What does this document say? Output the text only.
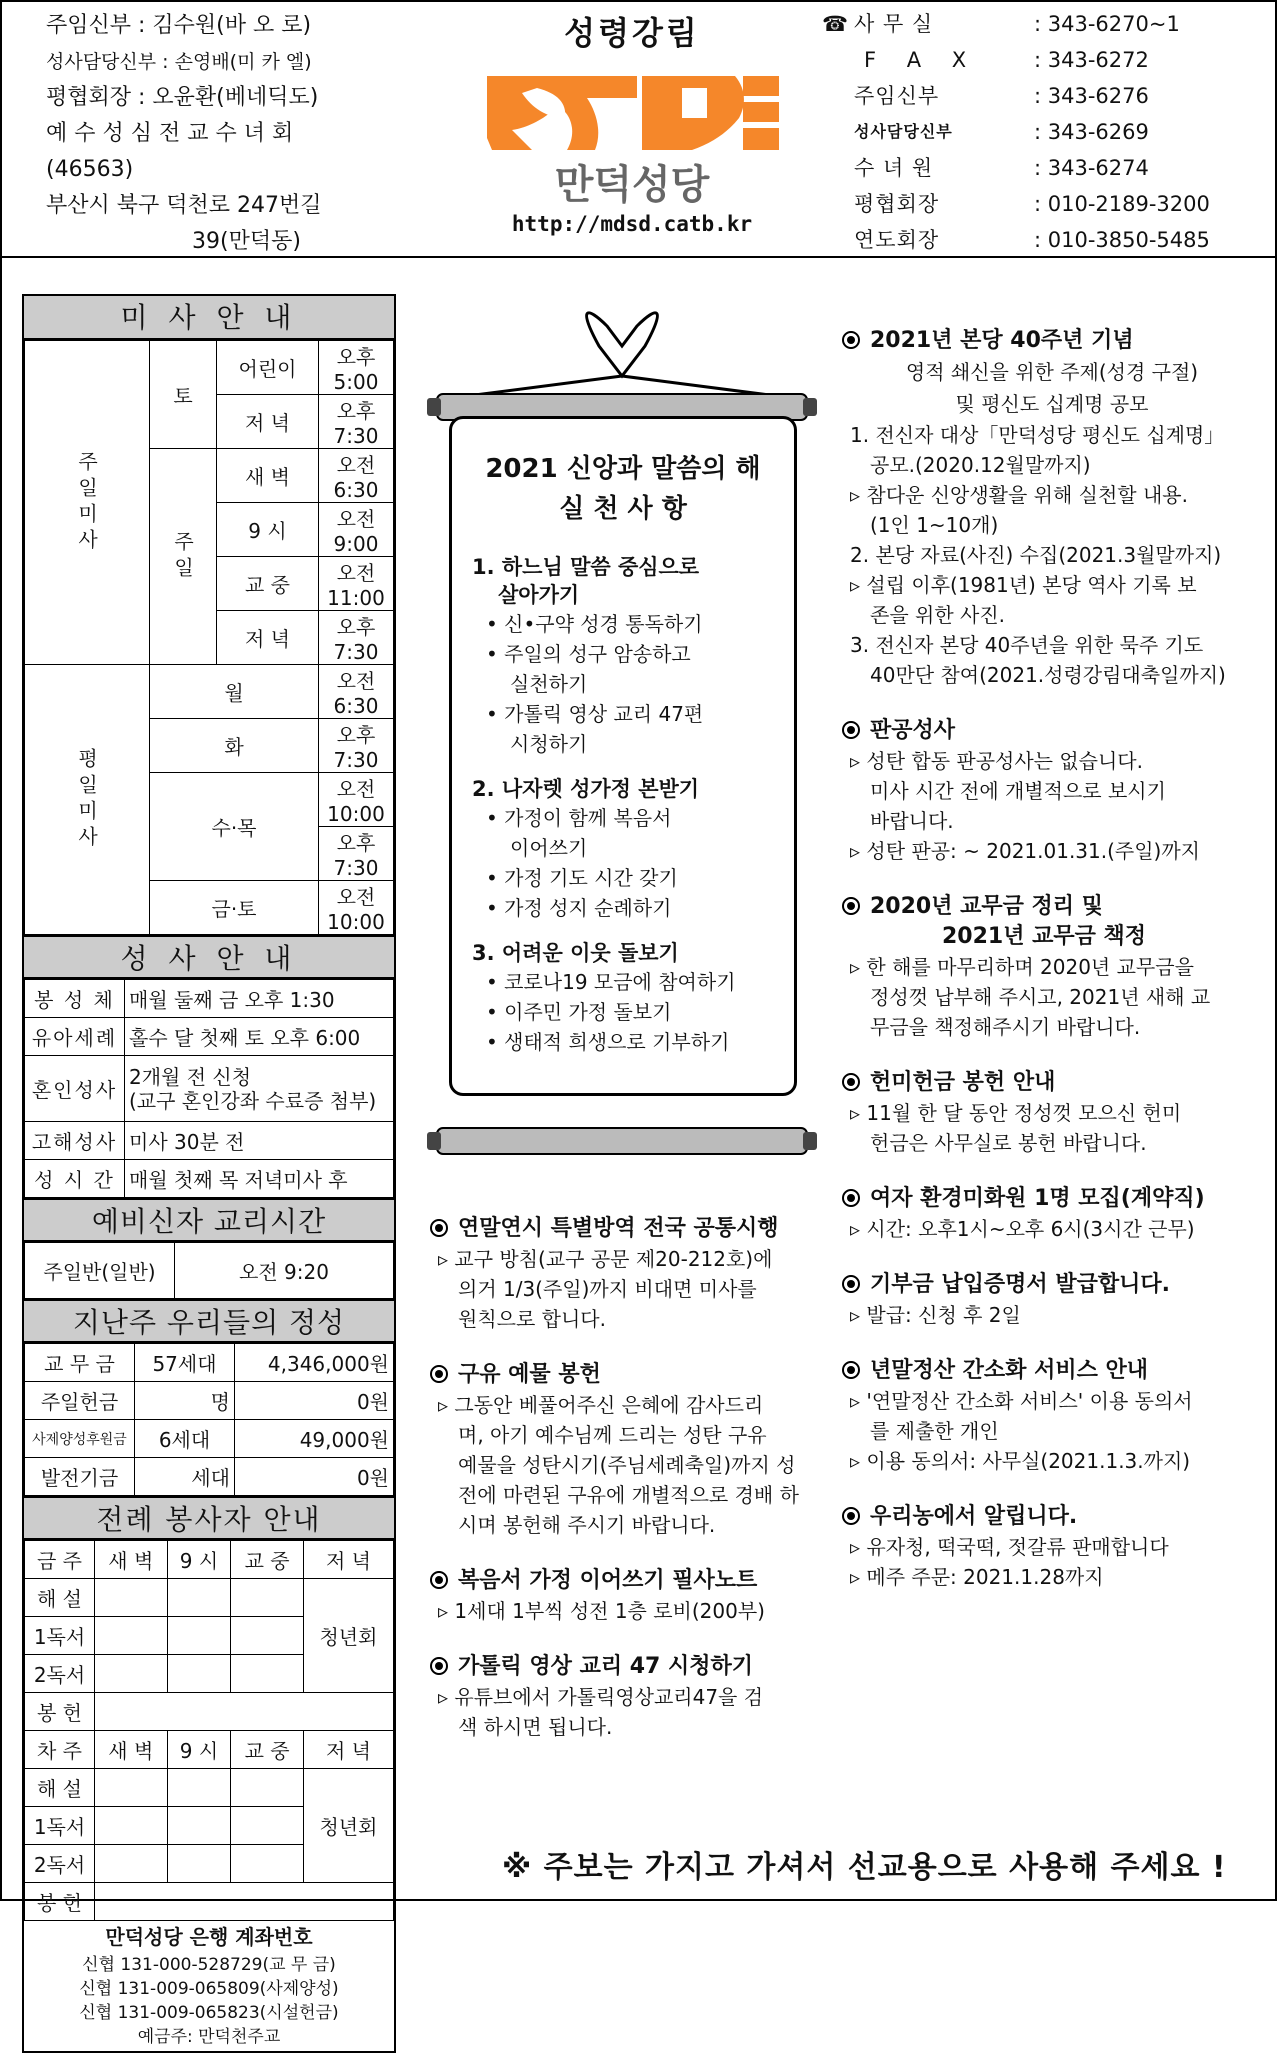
주임신부 : 김수원(바 오 로)
성사담당신부 : 손영배(미 카 엘)
평협회장 : 오윤환(베네딕도)
예 수 성 심 전 교 수 녀 회
(46563)
부산시 북구 덕천로 247번길
39(만덕동)
성령강림
만덕성당
http://mdsd.catb.kr
☎ 사 무 실	: 343-6270~1
F A X	: 343-6272
주임신부	: 343-6276
성사담당신부	: 343-6269
수 녀 원	: 343-6274
평협회장	: 010-2189-3200
연도회장	: 010-3850-5485
미 사 안 내
주일미사	토	어린이	오후 5:00
		저 녁	오후 7:30
	주일	새 벽	오전 6:30
		9 시	오전 9:00
		교 중	오전 11:00
		저 녁	오후 7:30
평일미사	월		오전 6:30
	화		오후 7:30
	수·목		오전 10:00
			오후 7:30
	금·토		오전 10:00
성 사 안 내
봉 성 체	매월 둘째 금 오후 1:30
유아세례	홀수 달 첫째 토 오후 6:00
혼인성사	2개월 전 신청
(교구 혼인강좌 수료증 첨부)

고해성사	미사 30분 전
성 시 간	매월 첫째 목 저녁미사 후
예비신자 교리시간
주일반(일반)	오전 9:20
지난주 우리들의 정성
교 무 금	57세대	4,346,000원
주일헌금	명	0원
사제양성후원금	6세대	49,000원
발전기금	세대	0원
전례 봉사자 안내
금 주	새 벽	9 시	교 중	저 녁
해 설				청년회
1독서				
2독서				
봉 헌				
차 주	새 벽	9 시	교 중	저 녁
해 설				청년회
1독서				
2독서				
봉 헌				
만덕성당 은행 계좌번호
신협 131-000-528729(교 무 금)
신협 131-009-065809(사제양성)
신협 131-009-065823(시설헌금)
예금주: 만덕천주교
2021 신앙과 말씀의 해
실 천 사 항
1. 하느님 말씀 중심으로
살아가기
• 신•구약 성경 통독하기
• 주일의 성구 암송하고
실천하기
• 가톨릭 영상 교리 47편
시청하기
2. 나자렛 성가정 본받기
• 가정이 함께 복음서
이어쓰기
• 가정 기도 시간 갖기
• 가정 성지 순례하기
3. 어려운 이웃 돌보기
• 코로나19 모금에 참여하기
• 이주민 가정 돌보기
• 생태적 희생으로 기부하기
연말연시 특별방역 전국 공통시행
▹ 교구 방침(교구 공문 제20-212호)에
의거 1/3(주일)까지 비대면 미사를
원칙으로 합니다.
구유 예물 봉헌
▹ 그동안 베풀어주신 은혜에 감사드리
며, 아기 예수님께 드리는 성탄 구유
예물을 성탄시기(주님세례축일)까지 성
전에 마련된 구유에 개별적으로 경배 하
시며 봉헌해 주시기 바랍니다.
복음서 가정 이어쓰기 필사노트
▹ 1세대 1부씩 성전 1층 로비(200부)
가톨릭 영상 교리 47 시청하기
▹ 유튜브에서 가톨릭영상교리47을 검
색 하시면 됩니다.
2021년 본당 40주년 기념
영적 쇄신을 위한 주제(성경 구절)
및 평신도 십계명 공모
1. 전신자 대상「만덕성당 평신도 십계명」
공모.(2020.12월말까지)
▹ 참다운 신앙생활을 위해 실천할 내용.
(1인 1~10개)
2. 본당 자료(사진) 수집(2021.3월말까지)
▹ 설립 이후(1981년) 본당 역사 기록 보
존을 위한 사진.
3. 전신자 본당 40주년을 위한 묵주 기도
40만단 참여(2021.성령강림대축일까지)
판공성사
▹ 성탄 합동 판공성사는 없습니다.
미사 시간 전에 개별적으로 보시기
바랍니다.
▹ 성탄 판공: ~ 2021.01.31.(주일)까지
2020년 교무금 정리 및
2021년 교무금 책정
▹ 한 해를 마무리하며 2020년 교무금을
정성껏 납부해 주시고, 2021년 새해 교
무금을 책정해주시기 바랍니다.
헌미헌금 봉헌 안내
▹ 11월 한 달 동안 정성껏 모으신 헌미
헌금은 사무실로 봉헌 바랍니다.
여자 환경미화원 1명 모집(계약직)
▹ 시간: 오후1시~오후 6시(3시간 근무)
기부금 납입증명서 발급합니다.
▹ 발급: 신청 후 2일
년말정산 간소화 서비스 안내
▹ '연말정산 간소화 서비스' 이용 동의서
를 제출한 개인
▹ 이용 동의서: 사무실(2021.1.3.까지)
우리농에서 알립니다.
▹ 유자청, 떡국떡, 젓갈류 판매합니다
▹ 메주 주문: 2021.1.28까지
※ 주보는 가지고 가셔서 선교용으로 사용해 주세요 !
